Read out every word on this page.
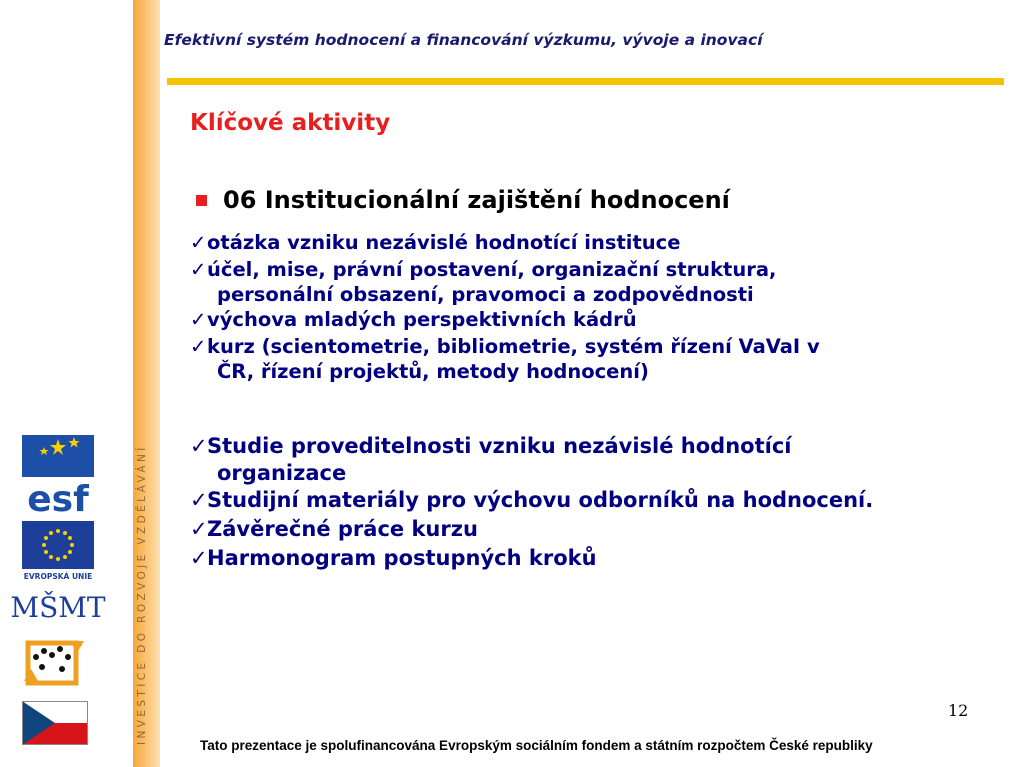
INVESTICE DO ROZVOJE VZDĚLÁVÁNÍ
Efektivní systém hodnocení a financování výzkumu, vývoje a inovací
Klíčové aktivity
06 Institucionální zajištění hodnocení
✓ otázka vzniku nezávislé hodnotící instituce
✓ účel, mise, právní postavení, organizační struktura,
personální obsazení, pravomoci a zodpovědnosti
✓ výchova mladých perspektivních kádrů
✓ kurz (scientometrie, bibliometrie, systém řízení VaVaI v
ČR, řízení projektů, metody hodnocení)
✓ Studie proveditelnosti vzniku nezávislé hodnotící
organizace
✓ Studijní materiály pro výchovu odborníků na hodnocení.
✓ Závěrečné práce kurzu
✓ Harmonogram postupných kroků
esf
EVROPSKÁ UNIE
MŠMT
12
Tato prezentace je spolufinancována Evropským sociálním fondem a státním rozpočtem České republiky
